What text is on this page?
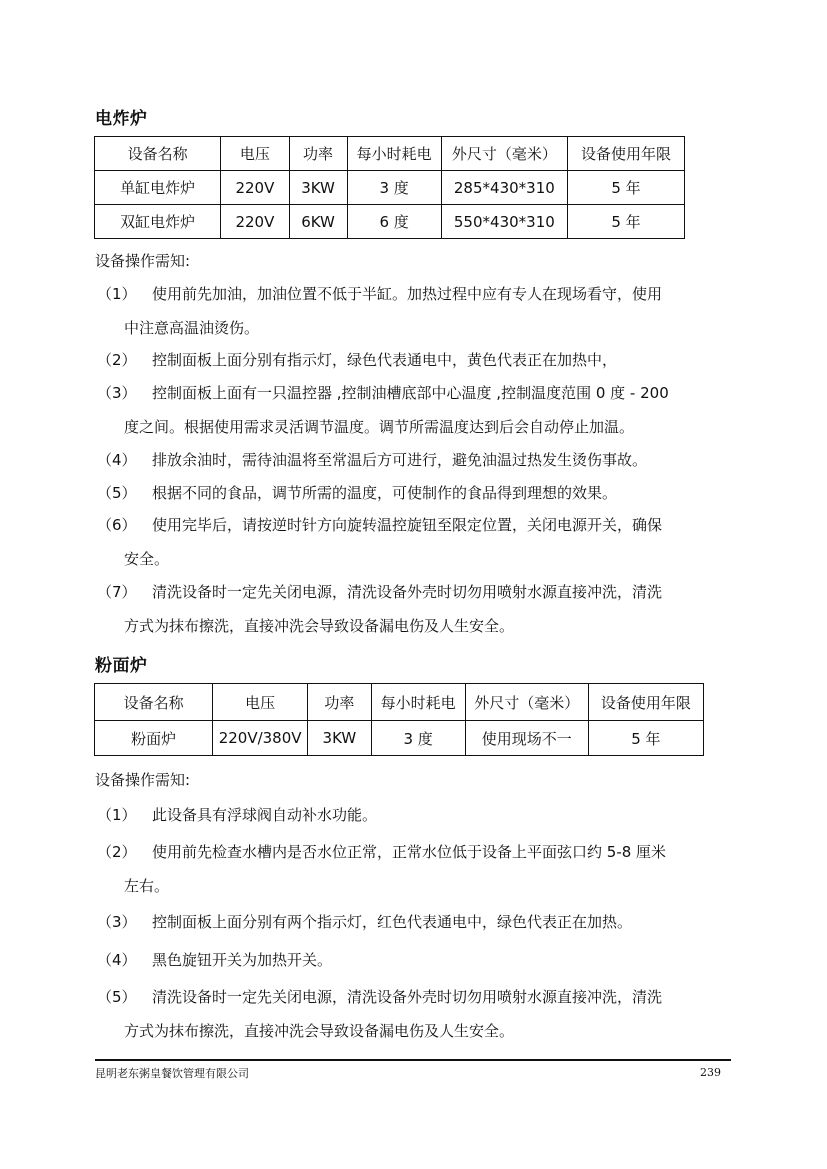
电炸炉
设备名称	电压	功率	每小时耗电	外尺寸（毫米）	设备使用年限
单缸电炸炉	220V	3KW	3 度	285*430*310	5 年
双缸电炸炉	220V	6KW	6 度	550*430*310	5 年
设备操作需知:
（1）	使用前先加油，加油位置不低于半缸。加热过程中应有专人在现场看守，使用
中注意高温油烫伤。
（2）	控制面板上面分别有指示灯，绿色代表通电中，黄色代表正在加热中，
（3）	控制面板上面有一只温控器 ,控制油槽底部中心温度 ,控制温度范围 0 度 - 200
度之间。根据使用需求灵活调节温度。调节所需温度达到后会自动停止加温。
（4）	排放余油时，需待油温将至常温后方可进行，避免油温过热发生烫伤事故。
（5）	根据不同的食品，调节所需的温度，可使制作的食品得到理想的效果。
（6）	使用完毕后，请按逆时针方向旋转温控旋钮至限定位置，关闭电源开关，确保
安全。
（7）	清洗设备时一定先关闭电源，清洗设备外壳时切勿用喷射水源直接冲洗，清洗
方式为抹布擦洗，直接冲洗会导致设备漏电伤及人生安全。
粉面炉
设备名称	电压	功率	每小时耗电	外尺寸（毫米）	设备使用年限
粉面炉	220V/380V	3KW	3 度	使用现场不一	5 年
设备操作需知:
（1）	此设备具有浮球阀自动补水功能。
（2）	使用前先检查水槽内是否水位正常，正常水位低于设备上平面弦口约 5-8 厘米
左右。
（3）	控制面板上面分别有两个指示灯，红色代表通电中，绿色代表正在加热。
（4）	黑色旋钮开关为加热开关。
（5）	清洗设备时一定先关闭电源，清洗设备外壳时切勿用喷射水源直接冲洗，清洗
方式为抹布擦洗，直接冲洗会导致设备漏电伤及人生安全。
昆明老东粥皇餐饮管理有限公司	239
